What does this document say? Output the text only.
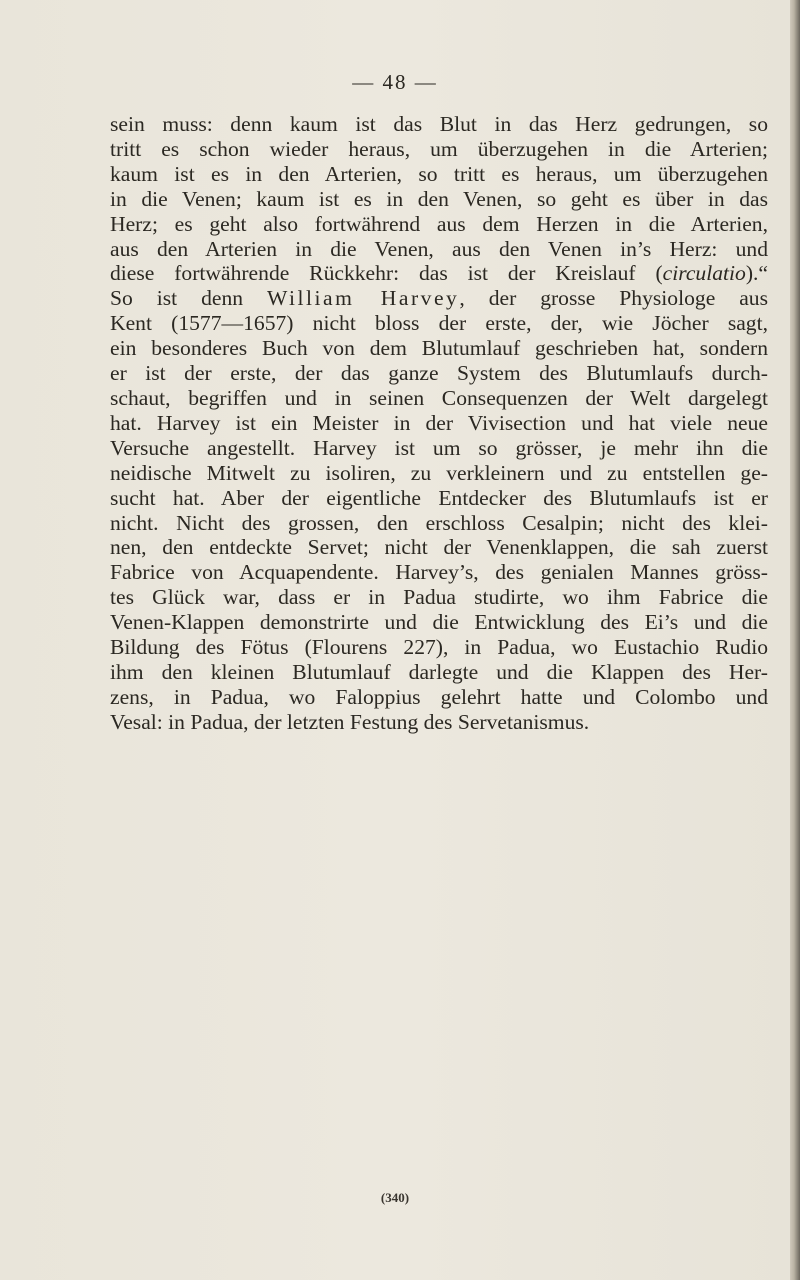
— 48 —
sein muss: denn kaum ist das Blut in das Herz gedrungen, so
tritt es schon wieder heraus, um überzugehen in die Arterien;
kaum ist es in den Arterien, so tritt es heraus, um überzugehen
in die Venen; kaum ist es in den Venen, so geht es über in das
Herz; es geht also fortwährend aus dem Herzen in die Arterien,
aus den Arterien in die Venen, aus den Venen in’s Herz: und
diese fortwährende Rückkehr: das ist der Kreislauf (circulatio).“
So ist denn William Harvey, der grosse Physiologe aus
Kent (1577—1657) nicht bloss der erste, der, wie Jöcher sagt,
ein besonderes Buch von dem Blutumlauf geschrieben hat, sondern
er ist der erste, der das ganze System des Blutumlaufs durch-
schaut, begriffen und in seinen Consequenzen der Welt dargelegt
hat. Harvey ist ein Meister in der Vivisection und hat viele neue
Versuche angestellt. Harvey ist um so grösser, je mehr ihn die
neidische Mitwelt zu isoliren, zu verkleinern und zu entstellen ge-
sucht hat. Aber der eigentliche Entdecker des Blutumlaufs ist er
nicht. Nicht des grossen, den erschloss Cesalpin; nicht des klei-
nen, den entdeckte Servet; nicht der Venenklappen, die sah zuerst
Fabrice von Acquapendente. Harvey’s, des genialen Mannes gröss-
tes Glück war, dass er in Padua studirte, wo ihm Fabrice die
Venen-Klappen demonstrirte und die Entwicklung des Ei’s und die
Bildung des Fötus (Flourens 227), in Padua, wo Eustachio Rudio
ihm den kleinen Blutumlauf darlegte und die Klappen des Her-
zens, in Padua, wo Faloppius gelehrt hatte und Colombo und
Vesal: in Padua, der letzten Festung des Servetanismus.
(340)
